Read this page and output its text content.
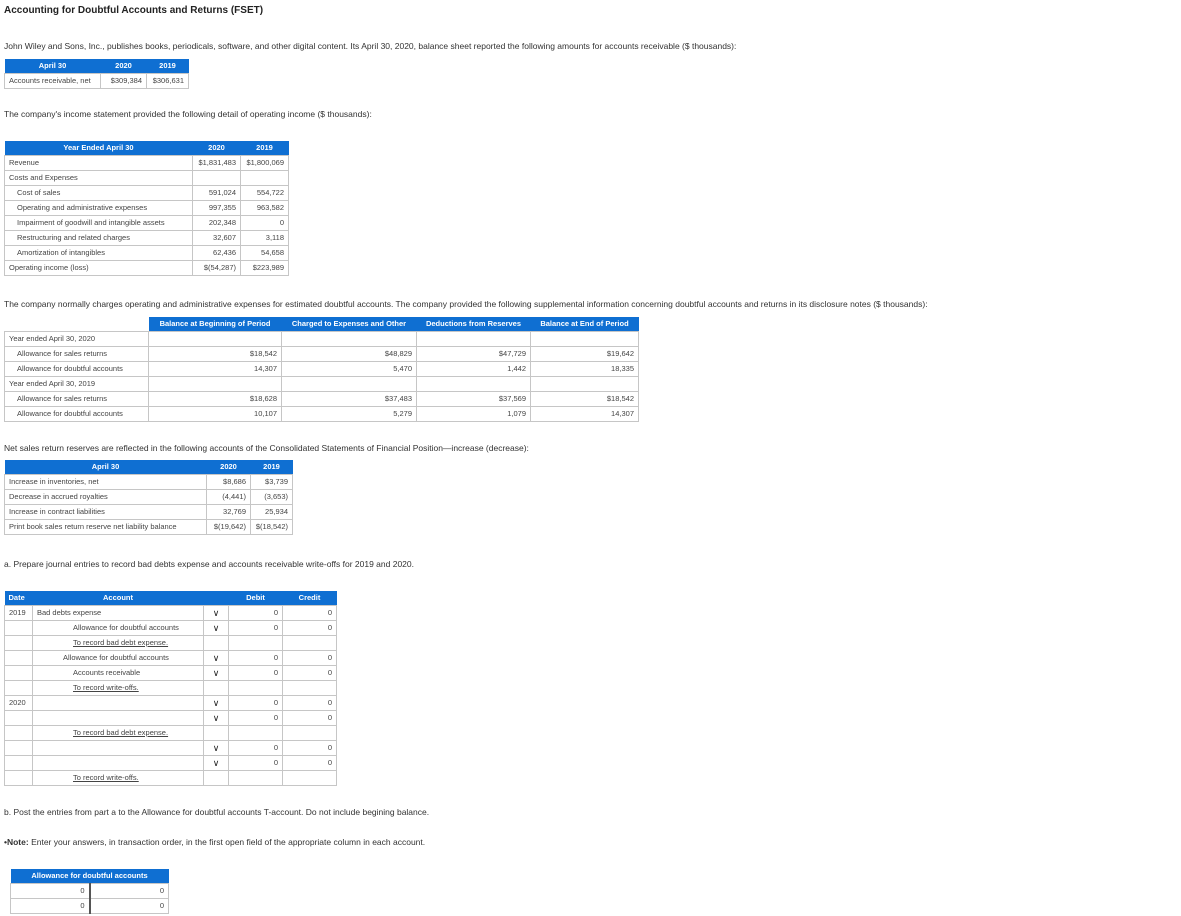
Accounting for Doubtful Accounts and Returns (FSET)
John Wiley and Sons, Inc., publishes books, periodicals, software, and other digital content. Its April 30, 2020, balance sheet reported the following amounts for accounts receivable ($ thousands):
April 30	2020	2019
Accounts receivable, net	$309,384	$306,631
The company's income statement provided the following detail of operating income ($ thousands):
Year Ended April 30	2020	2019
Revenue	$1,831,483	$1,800,069
Costs and Expenses		
Cost of sales	591,024	554,722
Operating and administrative expenses	997,355	963,582
Impairment of goodwill and intangible assets	202,348	0
Restructuring and related charges	32,607	3,118
Amortization of intangibles	62,436	54,658
Operating income (loss)	$(54,287)	$223,989
The company normally charges operating and administrative expenses for estimated doubtful accounts. The company provided the following supplemental information concerning doubtful accounts and returns in its disclosure notes ($ thousands):
	Balance at Beginning of Period	Charged to Expenses and Other	Deductions from Reserves	Balance at End of Period
Year ended April 30, 2020				
Allowance for sales returns	$18,542	$48,829	$47,729	$19,642
Allowance for doubtful accounts	14,307	5,470	1,442	18,335
Year ended April 30, 2019				
Allowance for sales returns	$18,628	$37,483	$37,569	$18,542
Allowance for doubtful accounts	10,107	5,279	1,079	14,307
Net sales return reserves are reflected in the following accounts of the Consolidated Statements of Financial Position—increase (decrease):
April 30	2020	2019
Increase in inventories, net	$8,686	$3,739
Decrease in accrued royalties	(4,441)	(3,653)
Increase in contract liabilities	32,769	25,934
Print book sales return reserve net liability balance	$(19,642)	$(18,542)
a. Prepare journal entries to record bad debts expense and accounts receivable write-offs for 2019 and 2020.
Date	Account		Debit	Credit
2019	Bad debts expense	∨	0	0
	Allowance for doubtful accounts	∨	0	0
	To record bad debt expense.			
	Allowance for doubtful accounts	∨	0	0
	Accounts receivable	∨	0	0
	To record write-offs.			
2020		∨	0	0
		∨	0	0
	To record bad debt expense.			
		∨	0	0
		∨	0	0
	To record write-offs.			
b. Post the entries from part a to the Allowance for doubtful accounts T-account. Do not include begining balance.
•Note: Enter your answers, in transaction order, in the first open field of the appropriate column in each account.
Allowance for doubtful accounts	
0	0
0	0
